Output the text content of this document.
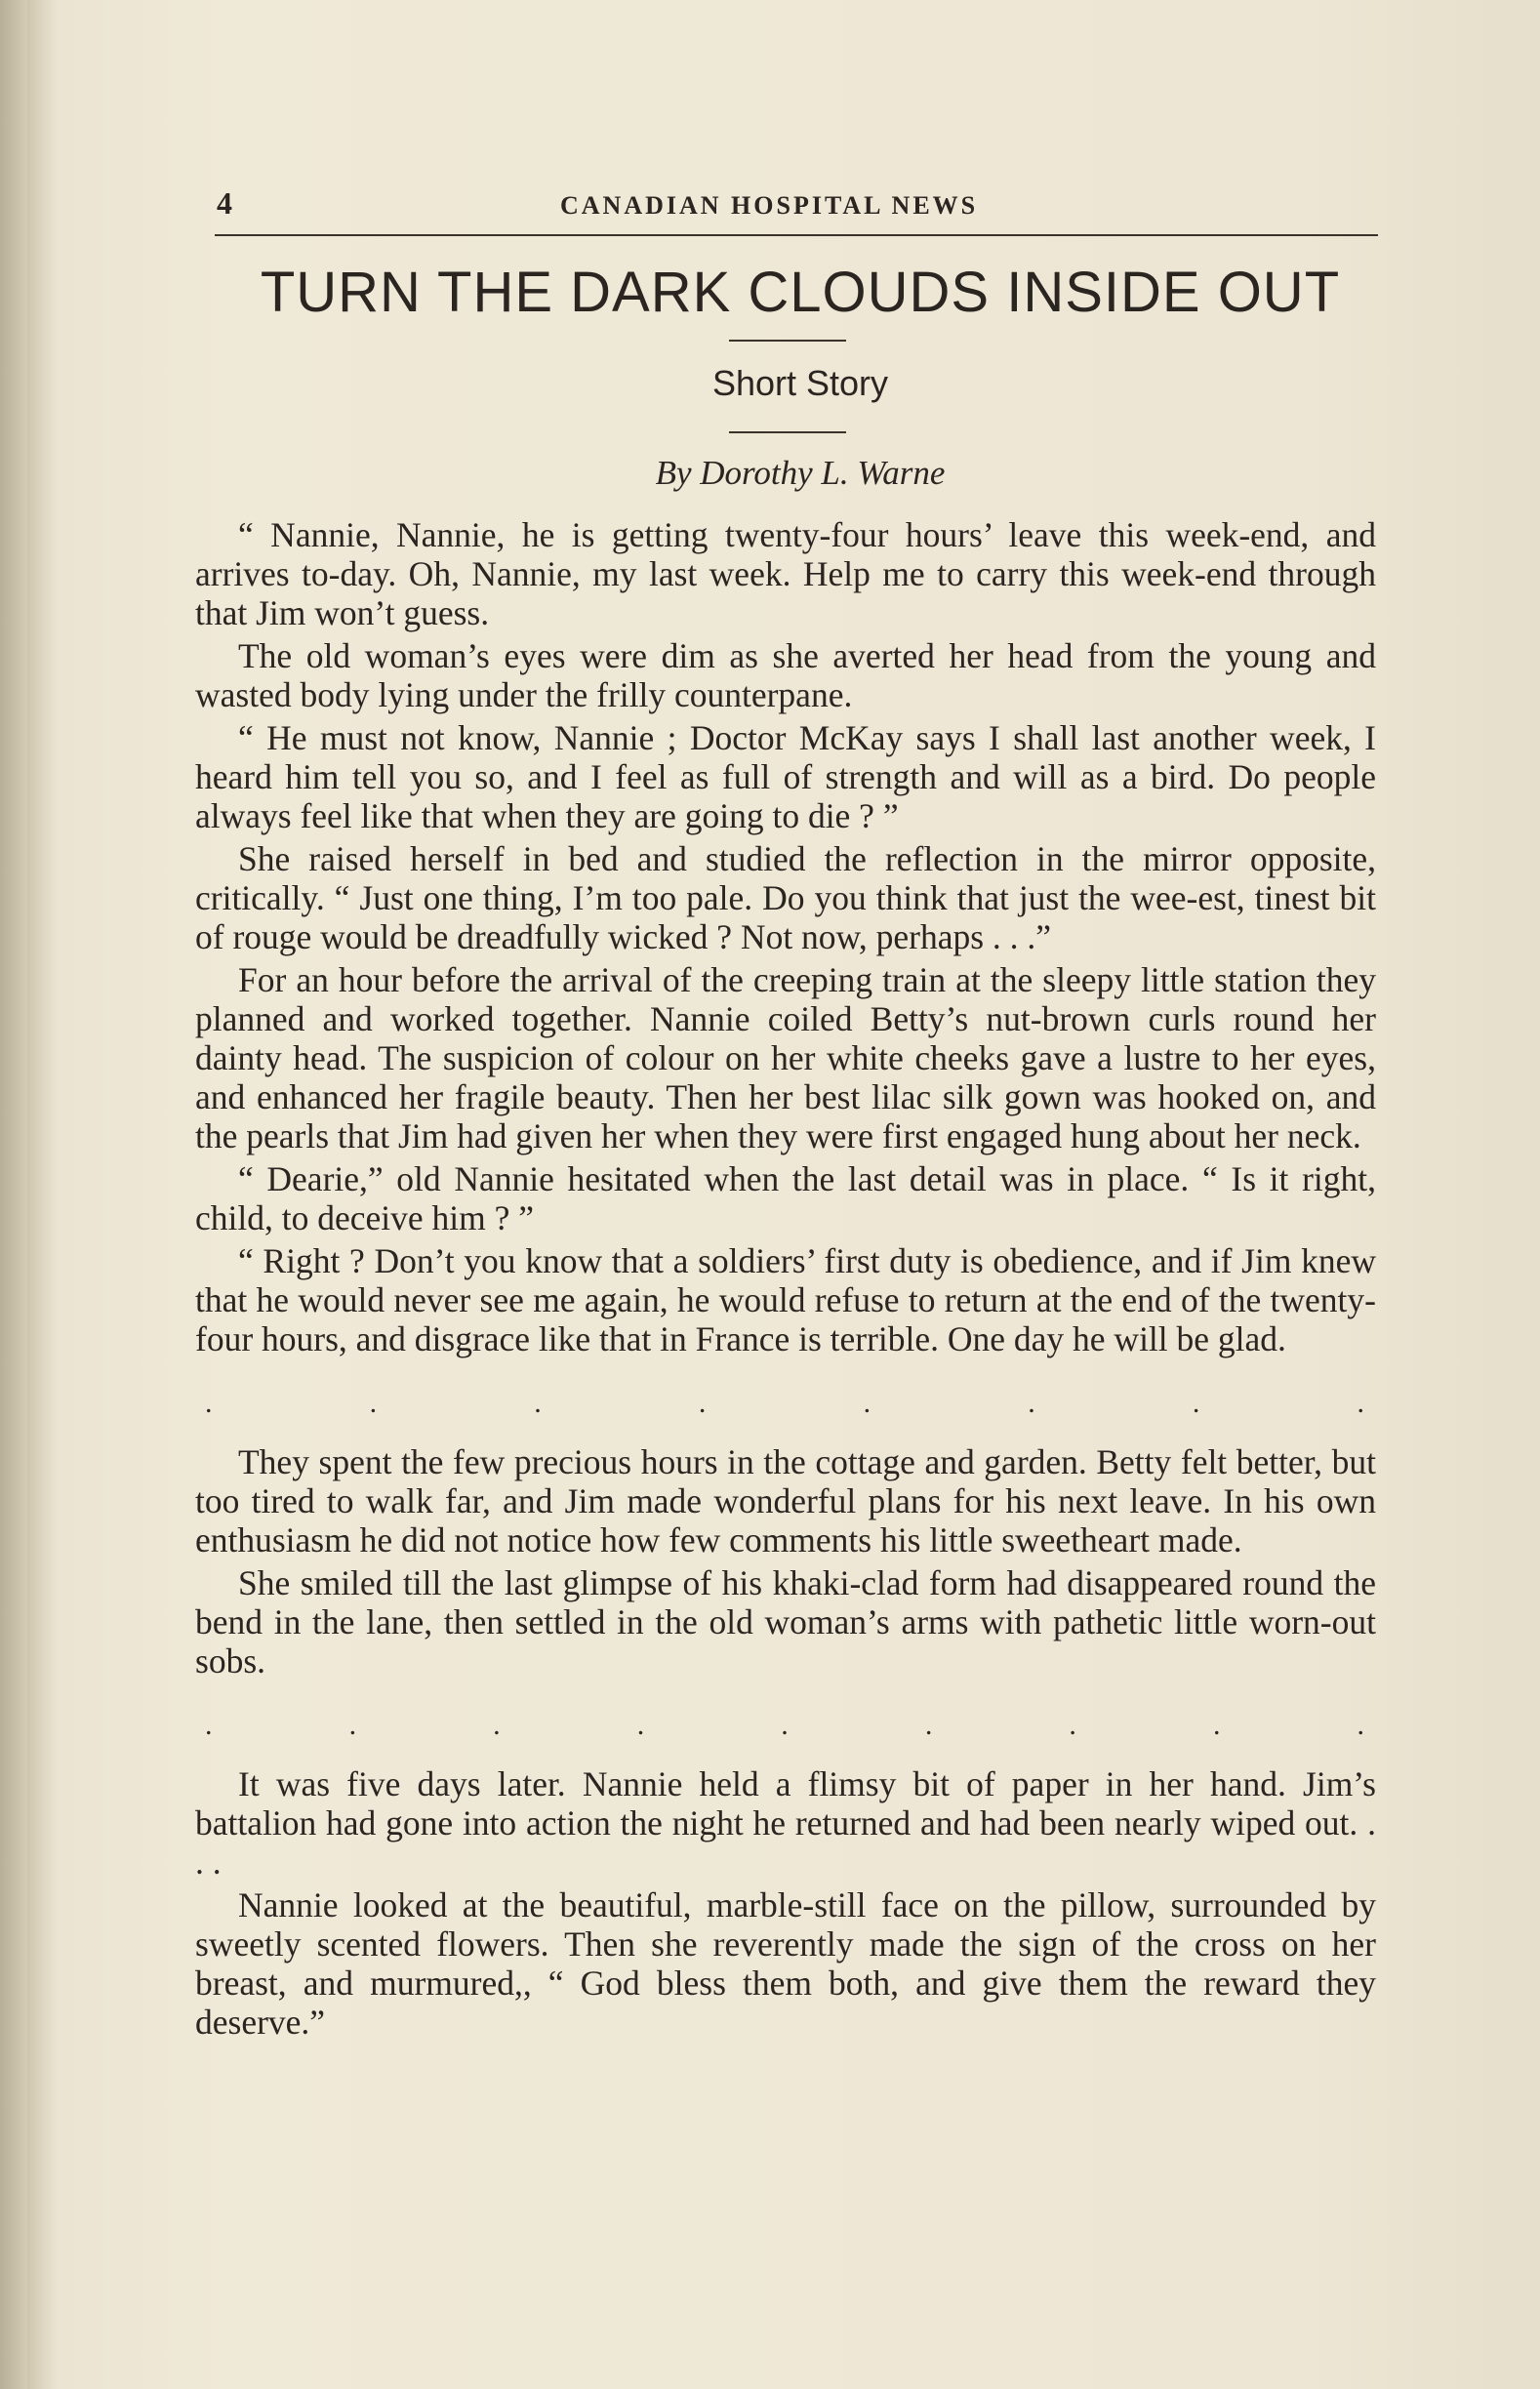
4	CANADIAN HOSPITAL NEWS
TURN THE DARK CLOUDS INSIDE OUT
Short Story
By Dorothy L. Warne

“ Nannie, Nannie, he is getting twenty-four hours’ leave this week-end, and arrives to-day. Oh, Nannie, my last week. Help me to carry this week-end through that Jim won’t guess.

The old woman’s eyes were dim as she averted her head from the young and wasted body lying under the frilly counterpane.

“ He must not know, Nannie ; Doctor McKay says I shall last another week, I heard him tell you so, and I feel as full of strength and will as a bird. Do people always feel like that when they are going to die ? ”

She raised herself in bed and studied the reflection in the mirror opposite, critically. “ Just one thing, I’m too pale. Do you think that just the wee-est, tinest bit of rouge would be dreadfully wicked ? Not now, perhaps . . .”

For an hour before the arrival of the creeping train at the sleepy little station they planned and worked together. Nannie coiled Betty’s nut-brown curls round her dainty head. The suspicion of colour on her white cheeks gave a lustre to her eyes, and enhanced her fragile beauty. Then her best lilac silk gown was hooked on, and the pearls that Jim had given her when they were first engaged hung about her neck.

“ Dearie,” old Nannie hesitated when the last detail was in place. “ Is it right, child, to deceive him ? ”

“ Right ? Don’t you know that a soldiers’ first duty is obedience, and if Jim knew that he would never see me again, he would refuse to return at the end of the twenty-four hours, and disgrace like that in France is terrible. One day he will be glad.

. . . . . . . .

They spent the few precious hours in the cottage and garden. Betty felt better, but too tired to walk far, and Jim made wonderful plans for his next leave. In his own enthusiasm he did not notice how few comments his little sweetheart made.

She smiled till the last glimpse of his khaki-clad form had disappeared round the bend in the lane, then settled in the old woman’s arms with pathetic little worn-out sobs.

. . . . . . . . .

It was five days later. Nannie held a flimsy bit of paper in her hand. Jim’s battalion had gone into action the night he returned and had been nearly wiped out. . . .

Nannie looked at the beautiful, marble-still face on the pillow, surrounded by sweetly scented flowers. Then she reverently made the sign of the cross on her breast, and murmured,, “ God bless them both, and give them the reward they deserve.”
